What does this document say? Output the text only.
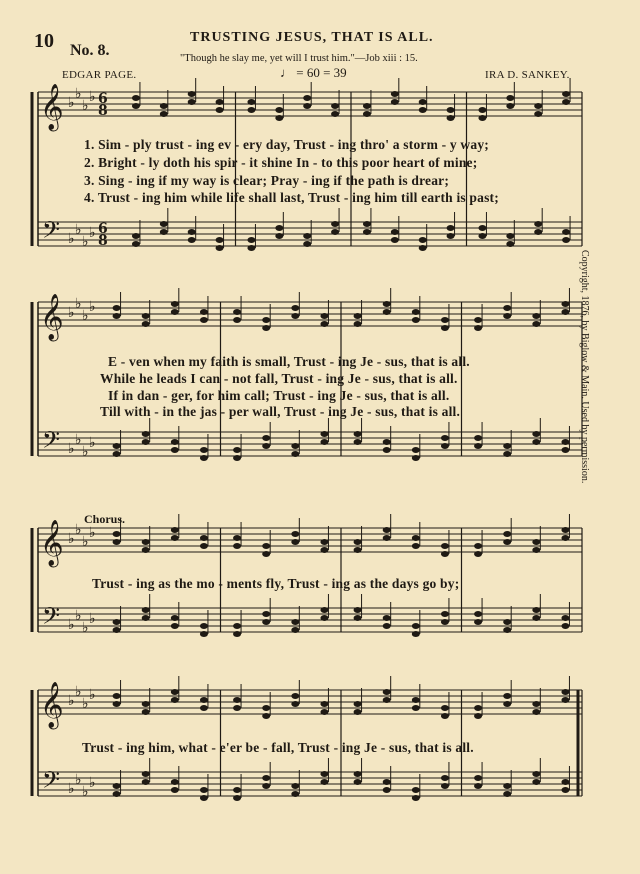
10 No. 8.
TRUSTING JESUS, THAT IS ALL.
"Though he slay me, yet will I trust him."—Job xiii : 15.
EDGAR PAGE.	IRA D. SANKEY.
♩ = 60 = 39
𝄞
𝄢
♭
♭
♭
♭
♭
♭
♭
♭
6
6
8
8
𝄞
𝄢
♭
♭
♭
♭
♭
♭
♭
♭
𝄞
𝄢
♭
♭
♭
♭
♭
♭
♭
♭
𝄞
𝄢
♭
♭
♭
♭
♭
♭
♭
♭
1. Sim - ply trust - ing ev - ery day, Trust - ing thro' a storm - y way;
2. Bright - ly doth his spir - it shine In - to this poor heart of mine;
3. Sing - ing if my way is clear; Pray - ing if the path is drear;
4. Trust - ing him while life shall last, Trust - ing him till earth is past;
E - ven when my faith is small, Trust - ing Je - sus, that is all.
While he leads I can - not fall, Trust - ing Je - sus, that is all.
If in dan - ger, for him call; Trust - ing Je - sus, that is all.
Till with - in the jas - per wall, Trust - ing Je - sus, that is all.
Chorus.
Trust - ing as the mo - ments fly, Trust - ing as the days go by;
Trust - ing him, what - e'er be - fall, Trust - ing Je - sus, that is all.
Copyright, 1876, by Biglow & Main. Used by permission.
